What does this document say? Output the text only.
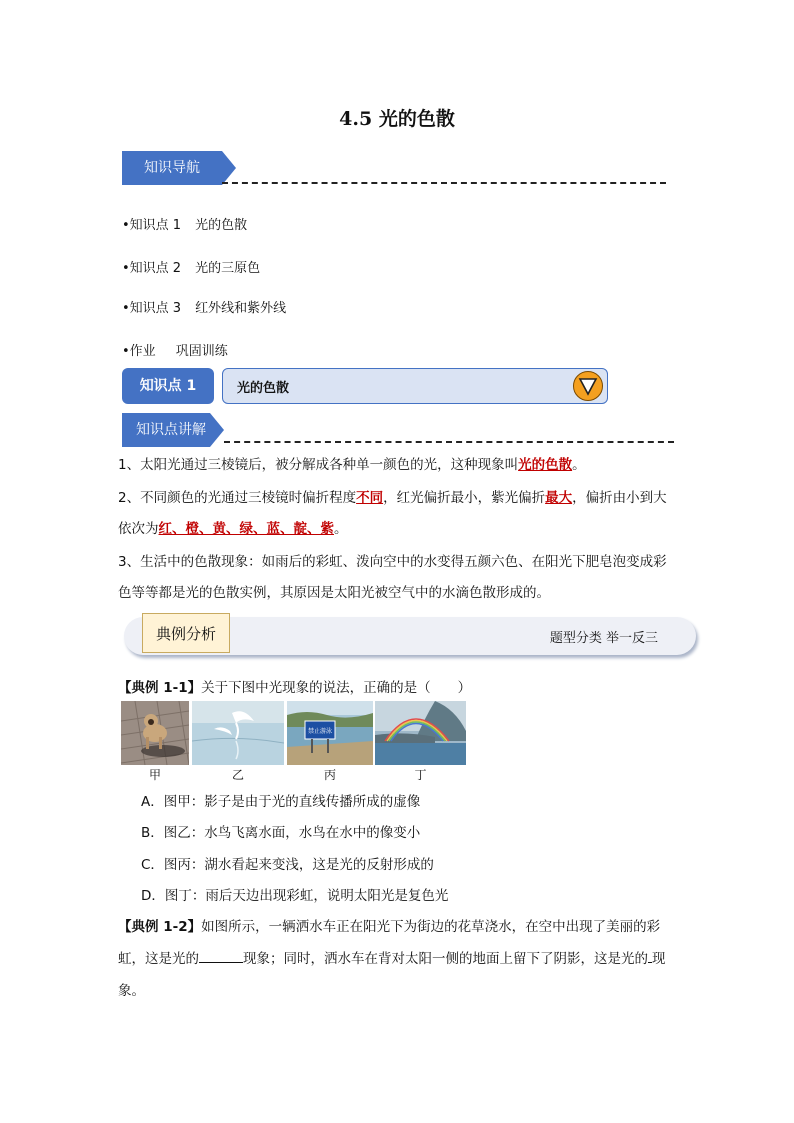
4.5 光的色散
知识导航
•知识点 1 光的色散
•知识点 2 光的三原色
•知识点 3 红外线和紫外线
•作业 巩固训练
知识点 1	光的色散
知识点讲解

1、太阳光通过三棱镜后，被分解成各种单一颜色的光，这种现象叫光的色散。

2、不同颜色的光通过三棱镜时偏折程度不同，红光偏折最小，紫光偏折最大，偏折由小到大依次为红、橙、黄、绿、蓝、靛、紫。

3、生活中的色散现象：如雨后的彩虹、泼向空中的水变得五颜六色、在阳光下肥皂泡变成彩色等等都是光的色散实例，其原因是太阳光被空气中的水滴色散形成的。

典例分析	题型分类 举一反三
【典例 1-1】关于下图中光现象的说法，正确的是（　　）
禁止游泳
甲	乙	丙	丁
A．图甲：影子是由于光的直线传播所成的虚像
B．图乙：水鸟飞离水面，水鸟在水中的像变小
C．图丙：湖水看起来变浅，这是光的反射形成的
D．图丁：雨后天边出现彩虹，说明太阳光是复色光
【典例 1-2】如图所示，一辆洒水车正在阳光下为街边的花草浇水，在空中出现了美丽的彩虹，这是光的	现象；同时，洒水车在背对太阳一侧的地面上留下了阴影，这是光的 现象。
